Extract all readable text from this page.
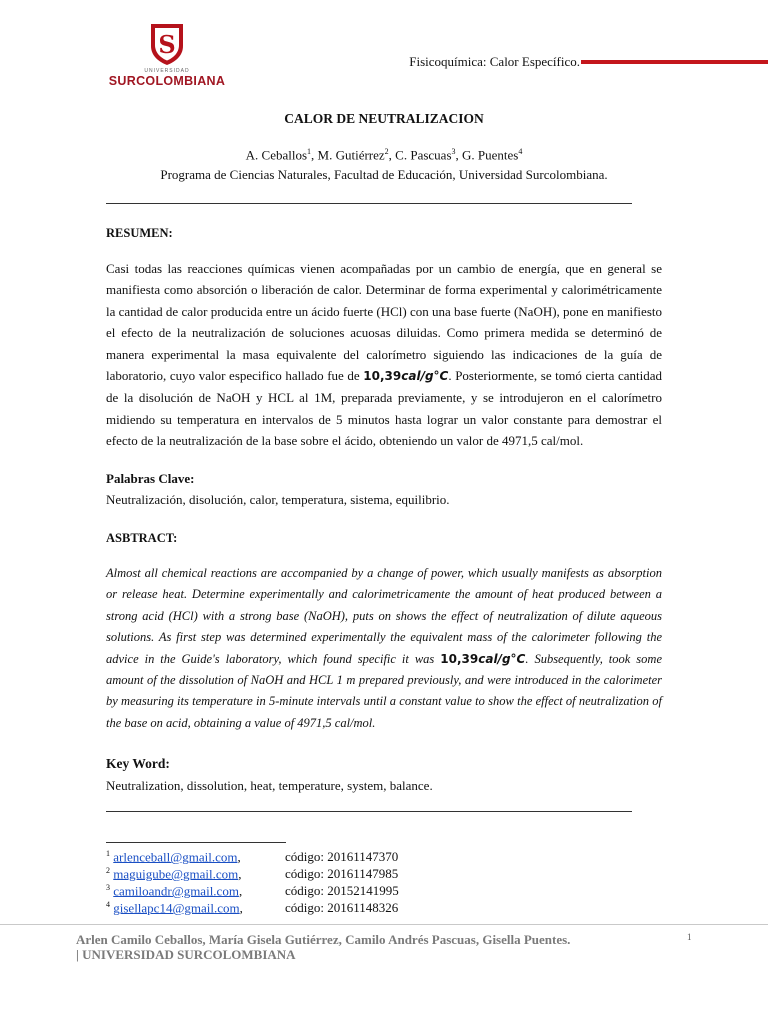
S
UNIVERSIDAD
SURCOLOMBIANA
Fisicoquímica: Calor Específico.
CALOR DE NEUTRALIZACION
A. Ceballos$^1$, M. Gutiérrez$^2$, C. Pascuas$^3$, G. Puentes$^4$
Programa de Ciencias Naturales, Facultad de Educación, Universidad Surcolombiana.
RESUMEN:

Casi todas las reacciones químicas vienen acompañadas por un cambio de energía, que en general se manifiesta como absorción o liberación de calor. Determinar de forma experimental y calorimétricamente la cantidad de calor producida entre un ácido fuerte (HCl) con una base fuerte (NaOH), pone en manifiesto el efecto de la neutralización de soluciones acuosas diluidas. Como primera medida se determinó de manera experimental la masa equivalente del calorímetro siguiendo las indicaciones de la guía de laboratorio, cuyo valor especifico hallado fue de 10,39cal/g°C. Posteriormente, se tomó cierta cantidad de la disolución de NaOH y HCL al 1M, preparada previamente, y se introdujeron en el calorímetro midiendo su temperatura en intervalos de 5 minutos hasta lograr un valor constante para demostrar el efecto de la neutralización de la base sobre el ácido, obteniendo un valor de 4971,5 cal/mol.

Palabras Clave:
Neutralización, disolución, calor, temperatura, sistema, equilibrio.
ASBTRACT:

Almost all chemical reactions are accompanied by a change of power, which usually manifests as absorption or release heat. Determine experimentally and calorimetricamente the amount of heat produced between a strong acid (HCl) with a strong base (NaOH), puts on shows the effect of neutralization of dilute aqueous solutions. As first step was determined experimentally the equivalent mass of the calorimeter following the advice in the Guide's laboratory, which found specific it was 10,39cal/g°C. Subsequently, took some amount of the dissolution of NaOH and HCL 1 m prepared previously, and were introduced in the calorimeter by measuring its temperature in 5-minute intervals until a constant value to show the effect of neutralization of the base on acid, obtaining a value of 4971,5 cal/mol.

Key Word:
Neutralization, dissolution, heat, temperature, system, balance.
$^1$ arlenceball@gmail.com,	código: 20161147370
$^2$ maguigube@gmail.com,	código: 20161147985
$^3$ camiloandr@gmail.com,	código: 20152141995
$^4$ gisellapc14@gmail.com,	código: 20161148326
Arlen Camilo Ceballos, María Gisela Gutiérrez, Camilo Andrés Pascuas, Gisella Puentes.
| UNIVERSIDAD SURCOLOMBIANA
1
